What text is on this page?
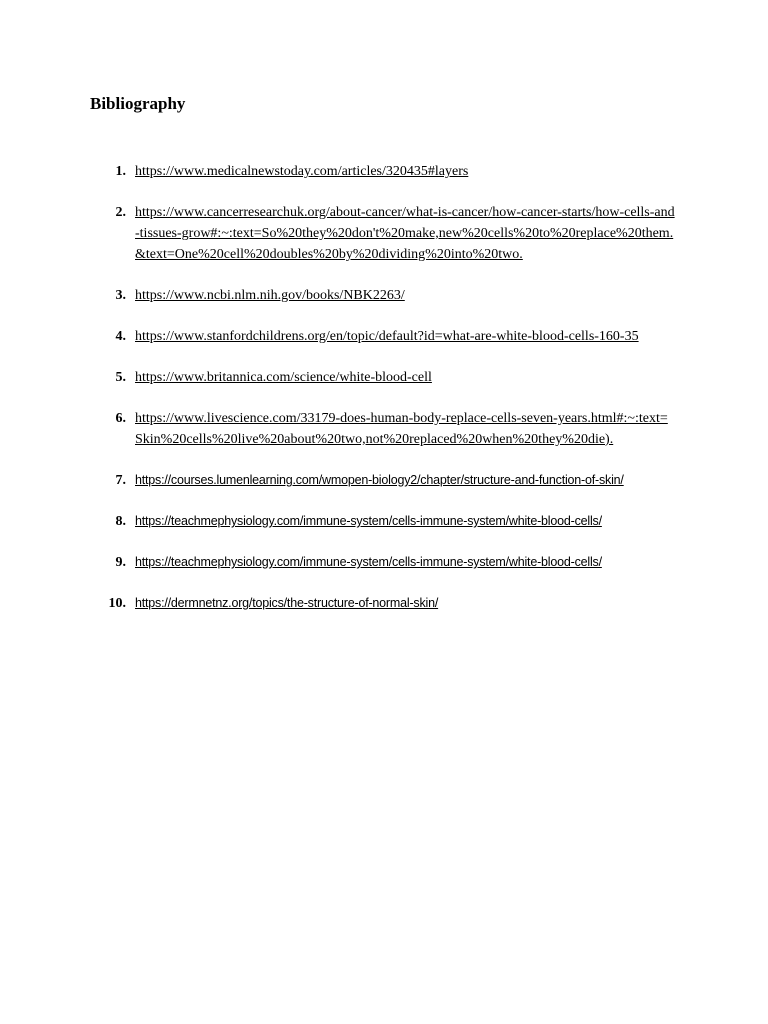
Bibliography
1. https://www.medicalnewstoday.com/articles/320435#layers
2. https://www.cancerresearchuk.org/about-cancer/what-is-cancer/how-cancer-starts/how-cells-and-tissues-grow#:~:text=So%20they%20don't%20make,new%20cells%20to%20replace%20them.&text=One%20cell%20doubles%20by%20dividing%20into%20two.
3. https://www.ncbi.nlm.nih.gov/books/NBK2263/
4. https://www.stanfordchildrens.org/en/topic/default?id=what-are-white-blood-cells-160-35
5. https://www.britannica.com/science/white-blood-cell
6. https://www.livescience.com/33179-does-human-body-replace-cells-seven-years.html#:~:text=Skin%20cells%20live%20about%20two,not%20replaced%20when%20they%20die).
7. https://courses.lumenlearning.com/wmopen-biology2/chapter/structure-and-function-of-skin/
8. https://teachmephysiology.com/immune-system/cells-immune-system/white-blood-cells/
9. https://teachmephysiology.com/immune-system/cells-immune-system/white-blood-cells/
10. https://dermnetnz.org/topics/the-structure-of-normal-skin/
